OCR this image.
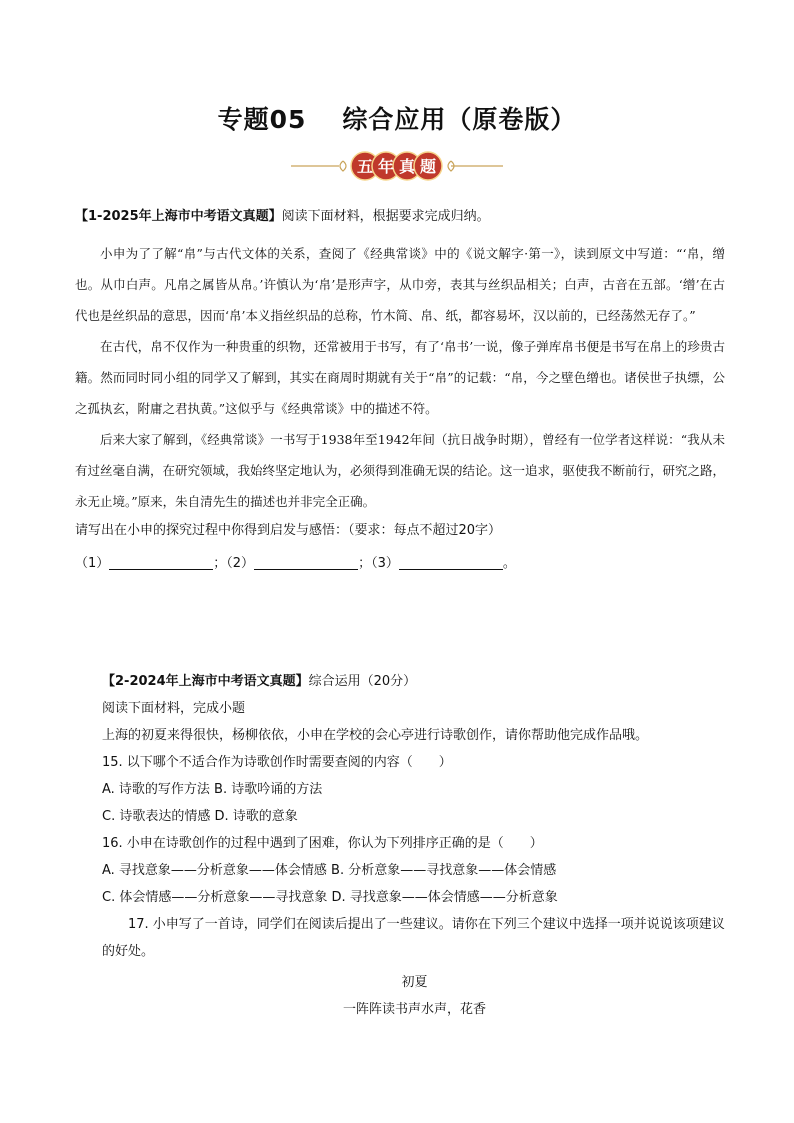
专题05 综合应用（原卷版）
五 年 真 题
【1-2025年上海市中考语文真题】阅读下面材料，根据要求完成归纳。

小申为了了解“帛”与古代文体的关系，查阅了《经典常谈》中的《说文解字·第一》，读到原文中写道：“‘帛，缯也。从巾白声。凡帛之属皆从帛。’许慎认为‘帛’是形声字，从巾旁，表其与丝织品相关；白声，古音在五部。‘缯’在古代也是丝织品的意思，因而‘帛’本义指丝织品的总称，竹木简、帛、纸，都容易坏，汉以前的，已经荡然无存了。”

在古代，帛不仅作为一种贵重的织物，还常被用于书写，有了‘帛书’一说，像子弹库帛书便是书写在帛上的珍贵古籍。然而同时同小组的同学又了解到，其实在商周时期就有关于“帛”的记载：“帛，今之壁色缯也。诸侯世子执缥，公之孤执玄，附庸之君执黄。”这似乎与《经典常谈》中的描述不符。

后来大家了解到，《经典常谈》一书写于1938年至1942年间（抗日战争时期），曾经有一位学者这样说：“我从未有过丝毫自满，在研究领域，我始终坚定地认为，必须得到准确无误的结论。这一追求，驱使我不断前行，研究之路，永无止境。”原来，朱自清先生的描述也并非完全正确。

请写出在小申的探究过程中你得到启发与感悟：（要求：每点不超过20字）
（1）	；（2）	；（3）	。
【2-2024年上海市中考语文真题】综合运用（20分）
阅读下面材料，完成小题
上海的初夏来得很快，杨柳依依，小申在学校的会心亭进行诗歌创作，请你帮助他完成作品哦。
15. 以下哪个不适合作为诗歌创作时需要查阅的内容（　　）
A. 诗歌的写作方法 B. 诗歌吟诵的方法
C. 诗歌表达的情感 D. 诗歌的意象
16. 小申在诗歌创作的过程中遇到了困难，你认为下列排序正确的是（　　）
A. 寻找意象——分析意象——体会情感 B. 分析意象——寻找意象——体会情感
C. 体会情感——分析意象——寻找意象 D. 寻找意象——体会情感——分析意象
17. 小申写了一首诗，同学们在阅读后提出了一些建议。请你在下列三个建议中选择一项并说说该项建议的好处。
初夏
一阵阵读书声水声，花香
